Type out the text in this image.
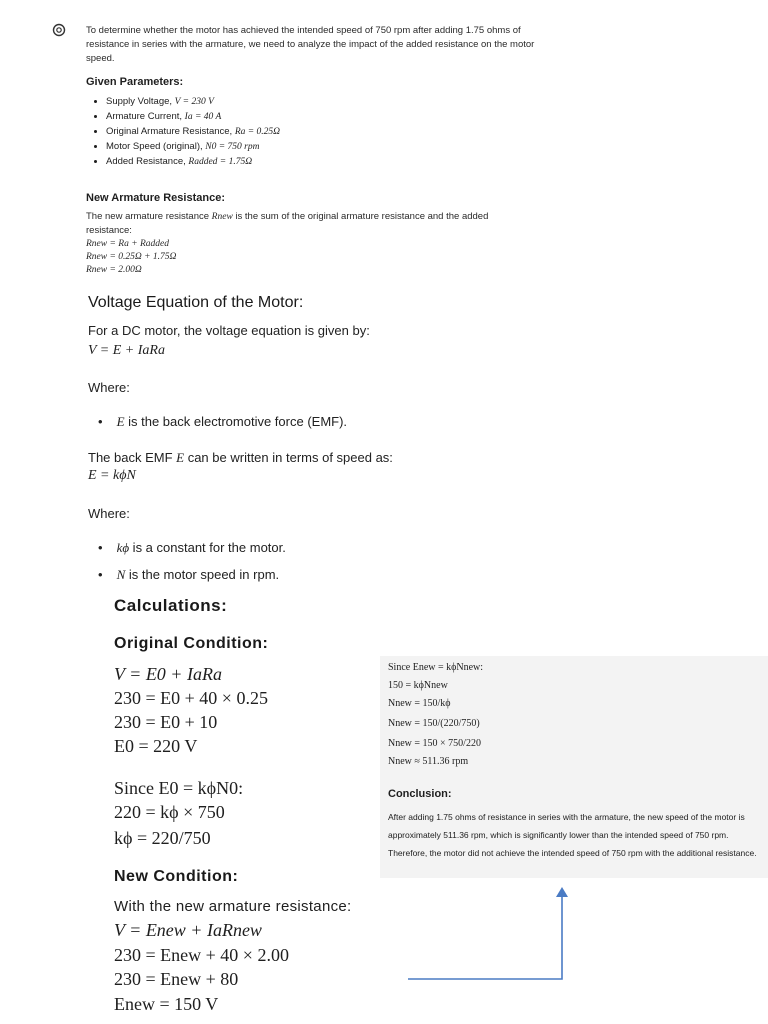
To determine whether the motor has achieved the intended speed of 750 rpm after adding 1.75 ohms of resistance in series with the armature, we need to analyze the impact of the added resistance on the motor speed.
Given Parameters:
• Supply Voltage, V = 230 V
• Armature Current, Ia = 40 A
• Original Armature Resistance, Ra = 0.25Ω
• Motor Speed (original), N0 = 750 rpm
• Added Resistance, Radded = 1.75Ω
New Armature Resistance:
The new armature resistance Rnew is the sum of the original armature resistance and the added resistance:
Rnew = Ra + Radded
Rnew = 0.25Ω + 1.75Ω
Rnew = 2.00Ω
Voltage Equation of the Motor:
For a DC motor, the voltage equation is given by:
V = E + IaRa
Where:
• E is the back electromotive force (EMF).
The back EMF E can be written in terms of speed as:
E = kϕN
Where:
• kϕ is a constant for the motor.
• N is the motor speed in rpm.
Calculations:
Original Condition:
V = E0 + IaRa
230 = E0 + 40 × 0.25
230 = E0 + 10
E0 = 220 V
Since E0 = kϕN0:
220 = kϕ × 750
kϕ = 220/750
New Condition:
With the new armature resistance:
V = Enew + IaRnew
230 = Enew + 40 × 2.00
230 = Enew + 80
Enew = 150 V
Since Enew = kϕNnew:
150 = kϕNnew
Nnew = 150/kϕ
Nnew = 150/(220/750)
Nnew = 150 × 750/220
Nnew ≈ 511.36 rpm
Conclusion:
After adding 1.75 ohms of resistance in series with the armature, the new speed of the motor is approximately 511.36 rpm, which is significantly lower than the intended speed of 750 rpm. Therefore, the motor did not achieve the intended speed of 750 rpm with the additional resistance.
